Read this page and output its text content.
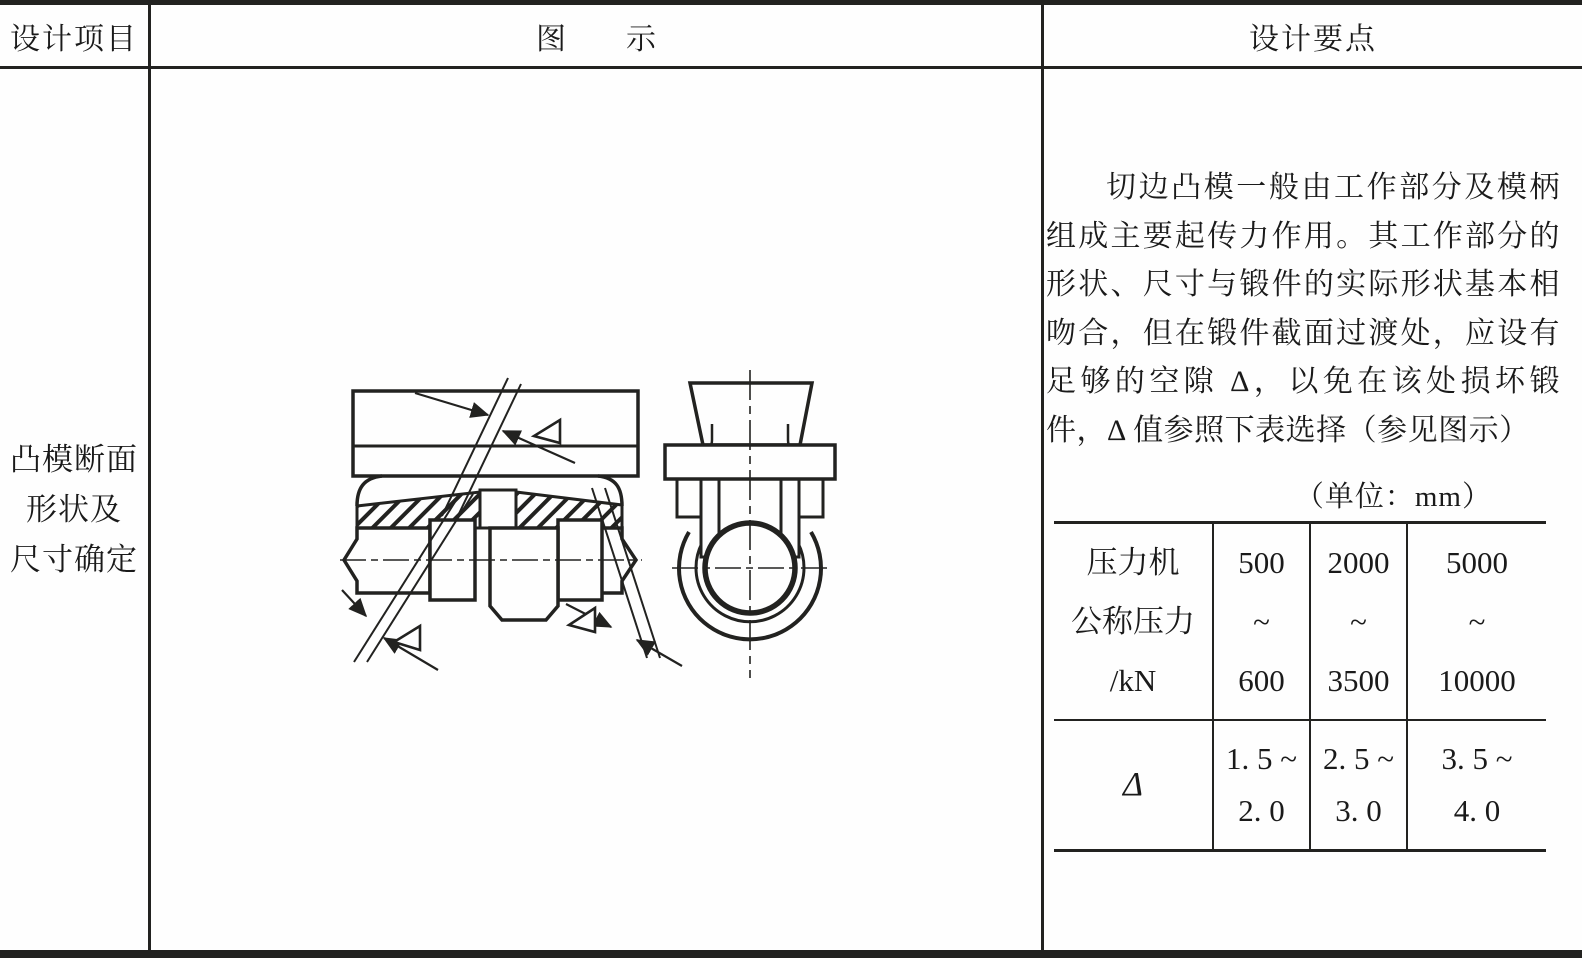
设计项目	图　　示	设计要点
凸模断面
形状及
尺寸确定

切边凸模一般由工作部分及模柄组成主要起传力作用。其工作部分的形状、尺寸与锻件的实际形状基本相吻合，但在锻件截面过渡处，应设有足够的空隙 Δ，以免在该处损坏锻件，Δ 值参照下表选择（参见图示）

（单位：mm）
压力机
公称压力
/kN
500
~
600
2000
~
3500
5000
~
10000
Δ
1. 5 ~
2. 0
2. 5 ~
3. 0
3. 5 ~
4. 0
